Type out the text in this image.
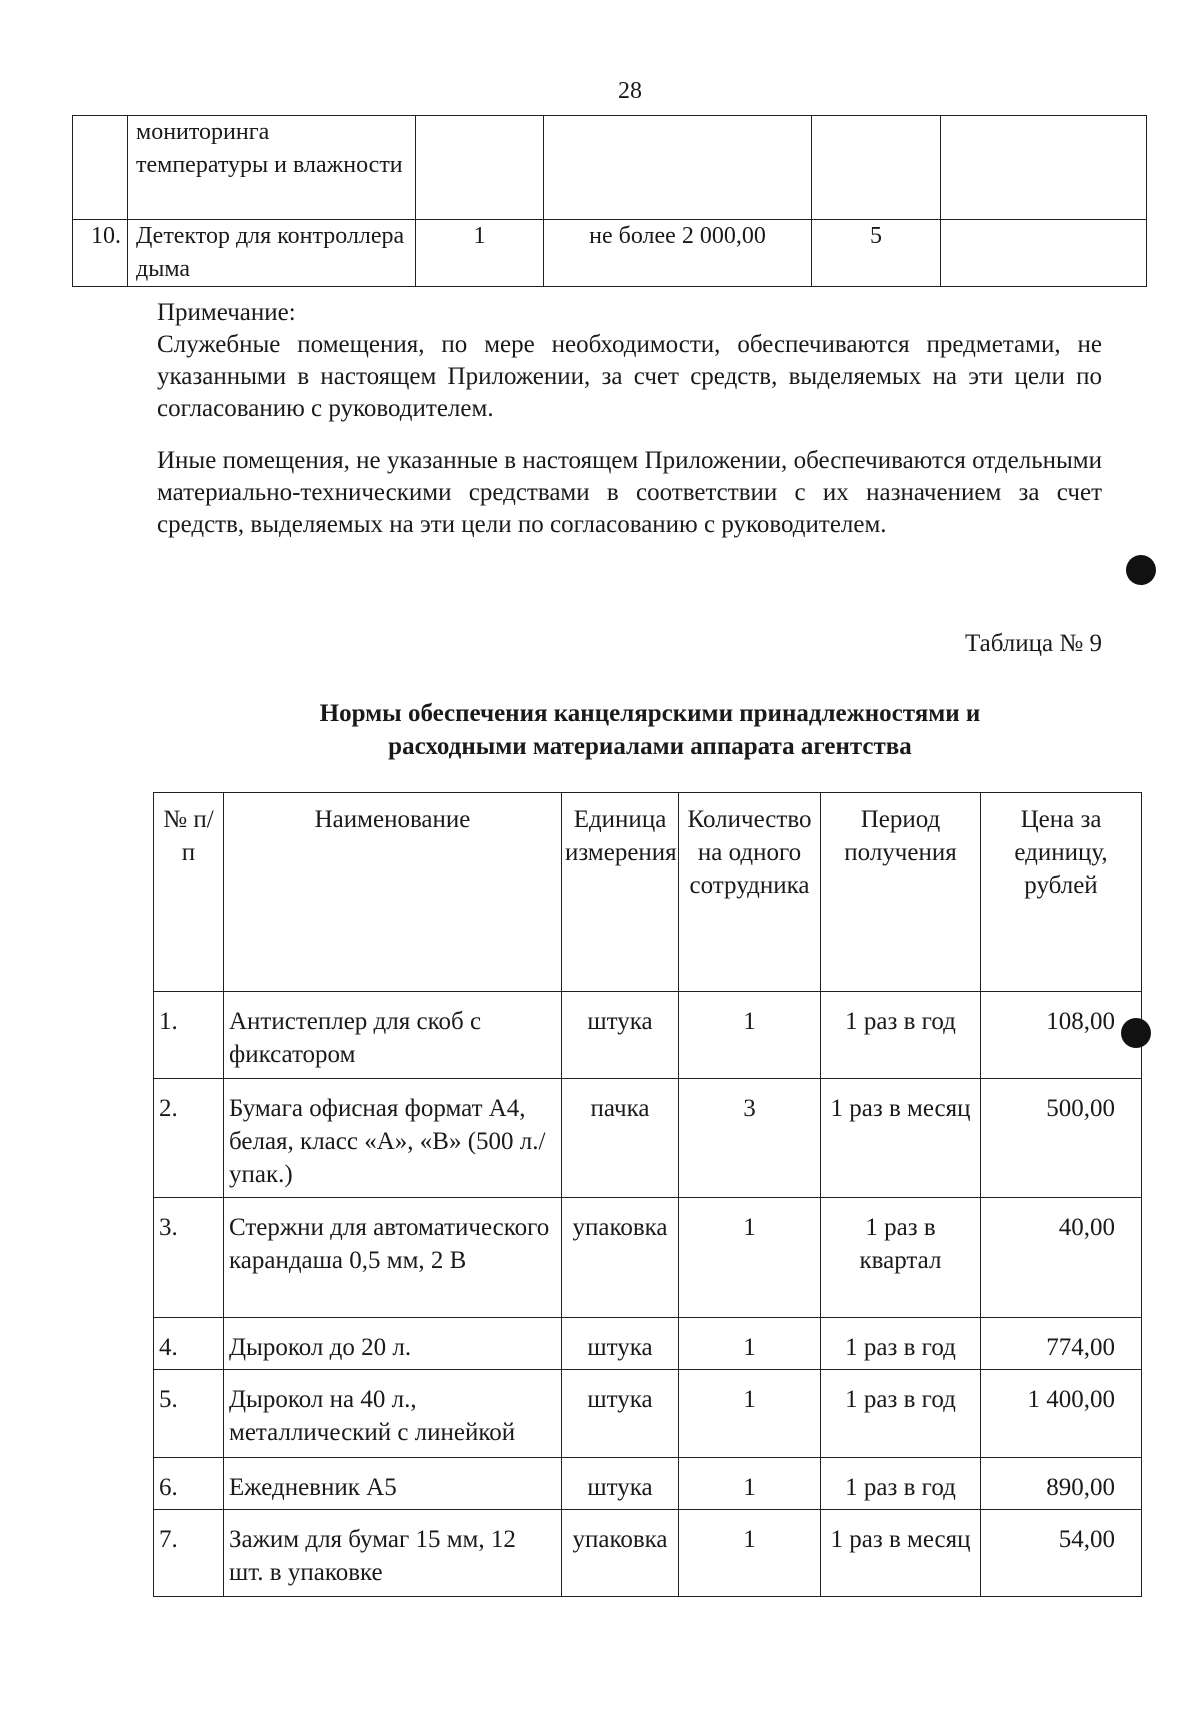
28
	мониторинга температуры и влажности				
10.	Детектор для контроллера дыма	1	не более 2 000,00	5	
Примечание:
Служебные помещения, по мере необходимости, обеспечиваются предметами, не указанными в настоящем Приложении, за счет средств, выделяемых на эти цели по согласованию с руководителем.
Иные помещения, не указанные в настоящем Приложении, обеспечиваются отдельными материально-техническими средствами в соответствии с их назначением за счет средств, выделяемых на эти цели по согласованию с руководителем.
Таблица № 9
Нормы обеспечения канцелярскими принадлежностями и
расходными материалами аппарата агентства
№ п/п	Наименование	Единица измерения	Количество на одного сотрудника	Период получения	Цена за единицу, рублей
1.	Антистеплер для скоб с фиксатором	штука	1	1 раз в год	108,00
2.	Бумага офисная формат А4, белая, класс «А», «В» (500 л./упак.)	пачка	3	1 раз в месяц	500,00
3.	Стержни для автоматического карандаша 0,5 мм, 2 В	упаковка	1	1 раз в квартал	40,00
4.	Дырокол до 20 л.	штука	1	1 раз в год	774,00
5.	Дырокол на 40 л., металлический с линейкой	штука	1	1 раз в год	1 400,00
6.	Ежедневник А5	штука	1	1 раз в год	890,00
7.	Зажим для бумаг 15 мм, 12 шт. в упаковке	упаковка	1	1 раз в месяц	54,00
